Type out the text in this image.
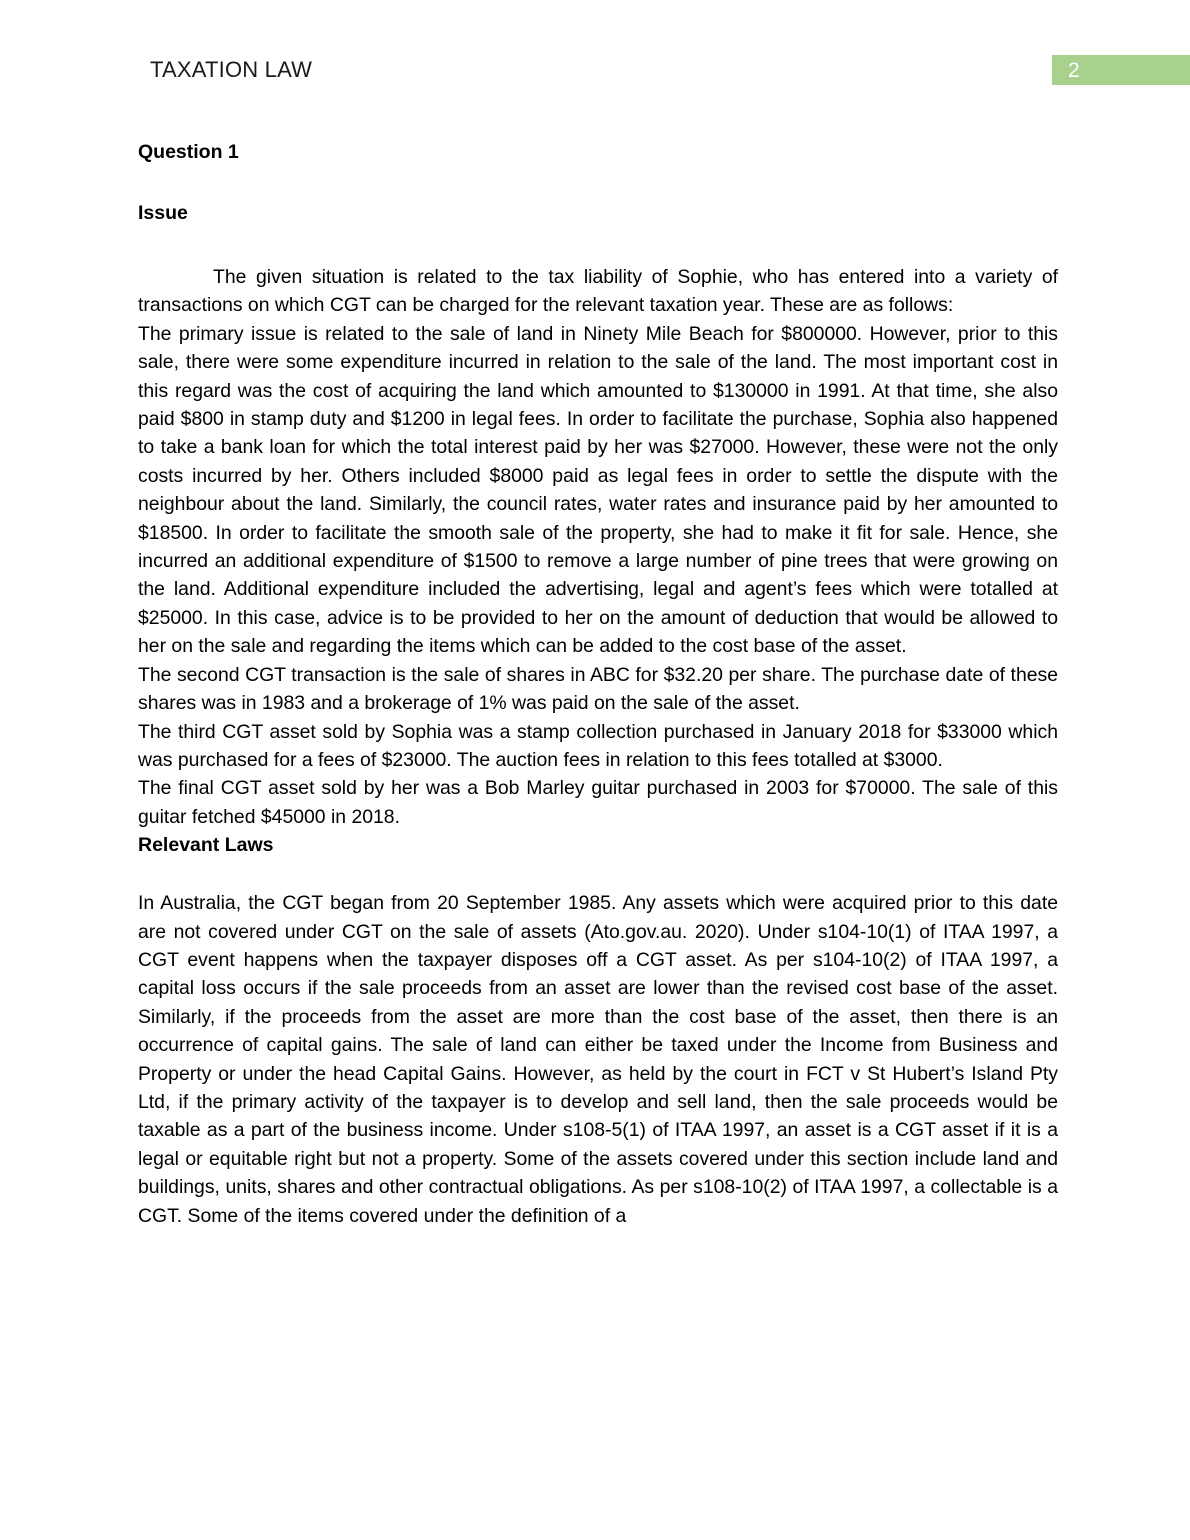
TAXATION LAW	2
Question 1
Issue

The given situation is related to the tax liability of Sophie, who has entered into a variety of transactions on which CGT can be charged for the relevant taxation year. These are as follows:

The primary issue is related to the sale of land in Ninety Mile Beach for $800000. However, prior to this sale, there were some expenditure incurred in relation to the sale of the land. The most important cost in this regard was the cost of acquiring the land which amounted to $130000 in 1991. At that time, she also paid $800 in stamp duty and $1200 in legal fees. In order to facilitate the purchase, Sophia also happened to take a bank loan for which the total interest paid by her was $27000. However, these were not the only costs incurred by her. Others included $8000 paid as legal fees in order to settle the dispute with the neighbour about the land. Similarly, the council rates, water rates and insurance paid by her amounted to $18500. In order to facilitate the smooth sale of the property, she had to make it fit for sale. Hence, she incurred an additional expenditure of $1500 to remove a large number of pine trees that were growing on the land. Additional expenditure included the advertising, legal and agent’s fees which were totalled at $25000. In this case, advice is to be provided to her on the amount of deduction that would be allowed to her on the sale and regarding the items which can be added to the cost base of the asset.

The second CGT transaction is the sale of shares in ABC for $32.20 per share. The purchase date of these shares was in 1983 and a brokerage of 1% was paid on the sale of the asset.

The third CGT asset sold by Sophia was a stamp collection purchased in January 2018 for $33000 which was purchased for a fees of $23000. The auction fees in relation to this fees totalled at $3000.

The final CGT asset sold by her was a Bob Marley guitar purchased in 2003 for $70000. The sale of this guitar fetched $45000 in 2018.

Relevant Laws

In Australia, the CGT began from 20 September 1985. Any assets which were acquired prior to this date are not covered under CGT on the sale of assets (Ato.gov.au. 2020). Under s104-10(1) of ITAA 1997, a CGT event happens when the taxpayer disposes off a CGT asset. As per s104-10(2) of ITAA 1997, a capital loss occurs if the sale proceeds from an asset are lower than the revised cost base of the asset. Similarly, if the proceeds from the asset are more than the cost base of the asset, then there is an occurrence of capital gains. The sale of land can either be taxed under the Income from Business and Property or under the head Capital Gains. However, as held by the court in FCT v St Hubert’s Island Pty Ltd, if the primary activity of the taxpayer is to develop and sell land, then the sale proceeds would be taxable as a part of the business income. Under s108-5(1) of ITAA 1997, an asset is a CGT asset if it is a legal or equitable right but not a property. Some of the assets covered under this section include land and buildings, units, shares and other contractual obligations. As per s108-10(2) of ITAA 1997, a collectable is a CGT. Some of the items covered under the definition of a
